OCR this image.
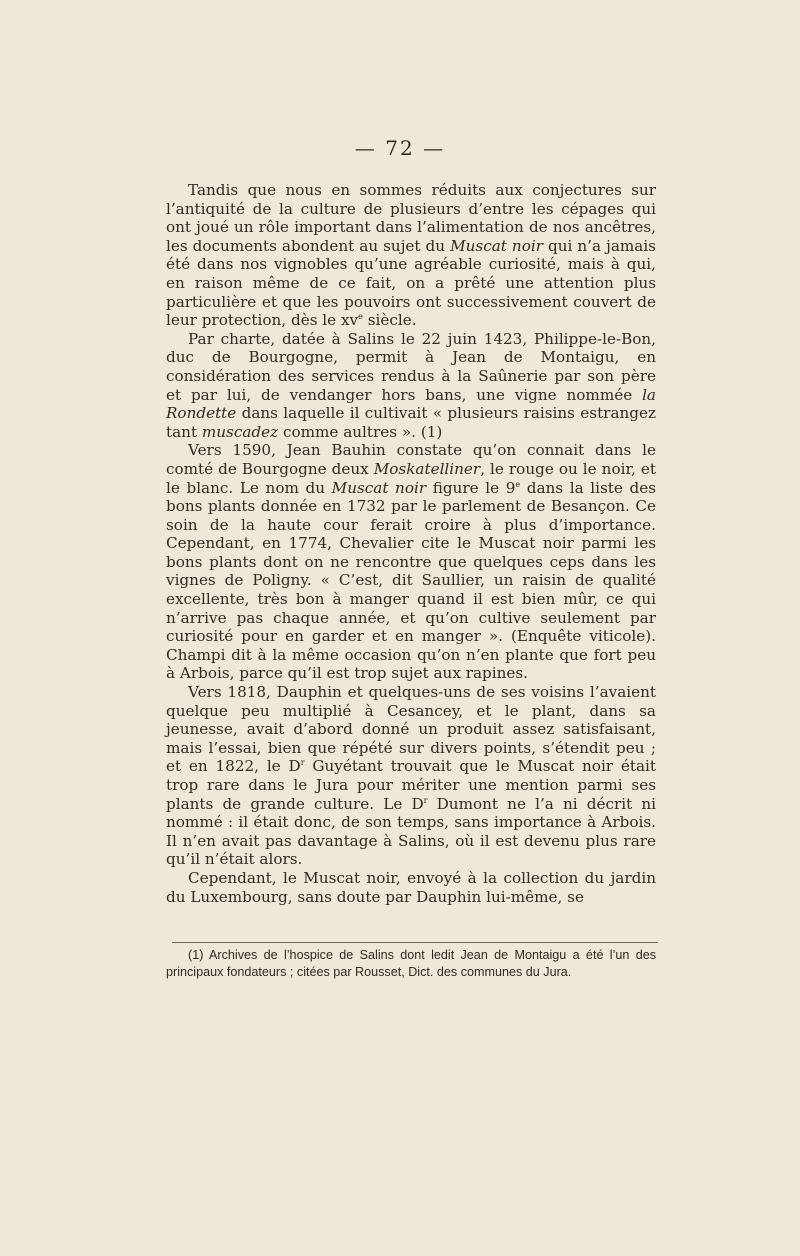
— 72 —

Tandis que nous en sommes réduits aux conjectures sur l’antiquité de la culture de plusieurs d’entre les cépages qui ont joué un rôle important dans l’alimentation de nos ancêtres, les documents abondent au sujet du Muscat noir qui n’a jamais été dans nos vignobles qu’une agréable curiosité, mais à qui, en raison même de ce fait, on a prêté une attention plus particulière et que les pouvoirs ont successivement couvert de leur protection, dès le $xv^e$ siècle.

Par charte, datée à Salins le 22 juin 1423, Philippe-le-Bon, duc de Bourgogne, permit à Jean de Montaigu, en considération des services rendus à la Saûnerie par son père et par lui, de vendanger hors bans, une vigne nommée la Rondette dans laquelle il cultivait « plusieurs raisins estrangez tant muscadez comme aultres ». (1)

Vers 1590, Jean Bauhin constate qu’on connait dans le comté de Bourgogne deux Moskatelliner, le rouge ou le noir, et le blanc. Le nom du Muscat noir figure le 9e dans la liste des bons plants donnée en 1732 par le parlement de Besançon. Ce soin de la haute cour ferait croire à plus d’importance. Cependant, en 1774, Chevalier cite le Muscat noir parmi les bons plants dont on ne rencontre que quelques ceps dans les vignes de Poligny. « C’est, dit Saullier, un raisin de qualité excellente, très bon à manger quand il est bien mûr, ce qui n’arrive pas chaque année, et qu’on cultive seulement par curiosité pour en garder et en manger ». (Enquête viticole). Champi dit à la même occasion qu’on n’en plante que fort peu à Arbois, parce qu’il est trop sujet aux rapines.

Vers 1818, Dauphin et quelques-uns de ses voisins l’avaient quelque peu multiplié à Cesancey, et le plant, dans sa jeunesse, avait d’abord donné un produit assez satisfaisant, mais l’essai, bien que répété sur divers points, s’étendit peu ; et en 1822, le $D^r$ Guyétant trouvait que le Muscat noir était trop rare dans le Jura pour mériter une mention parmi ses plants de grande culture. Le $D^r$ Dumont ne l’a ni décrit ni nommé : il était donc, de son temps, sans importance à Arbois. Il n’en avait pas davantage à Salins, où il est devenu plus rare qu’il n’était alors.

Cependant, le Muscat noir, envoyé à la collection du jardin du Luxembourg, sans doute par Dauphin lui-même, se

(1) Archives de l’hospice de Salins dont ledit Jean de Montaigu a été l’un des principaux fondateurs ; citées par Rousset, Dict. des communes du Jura.
